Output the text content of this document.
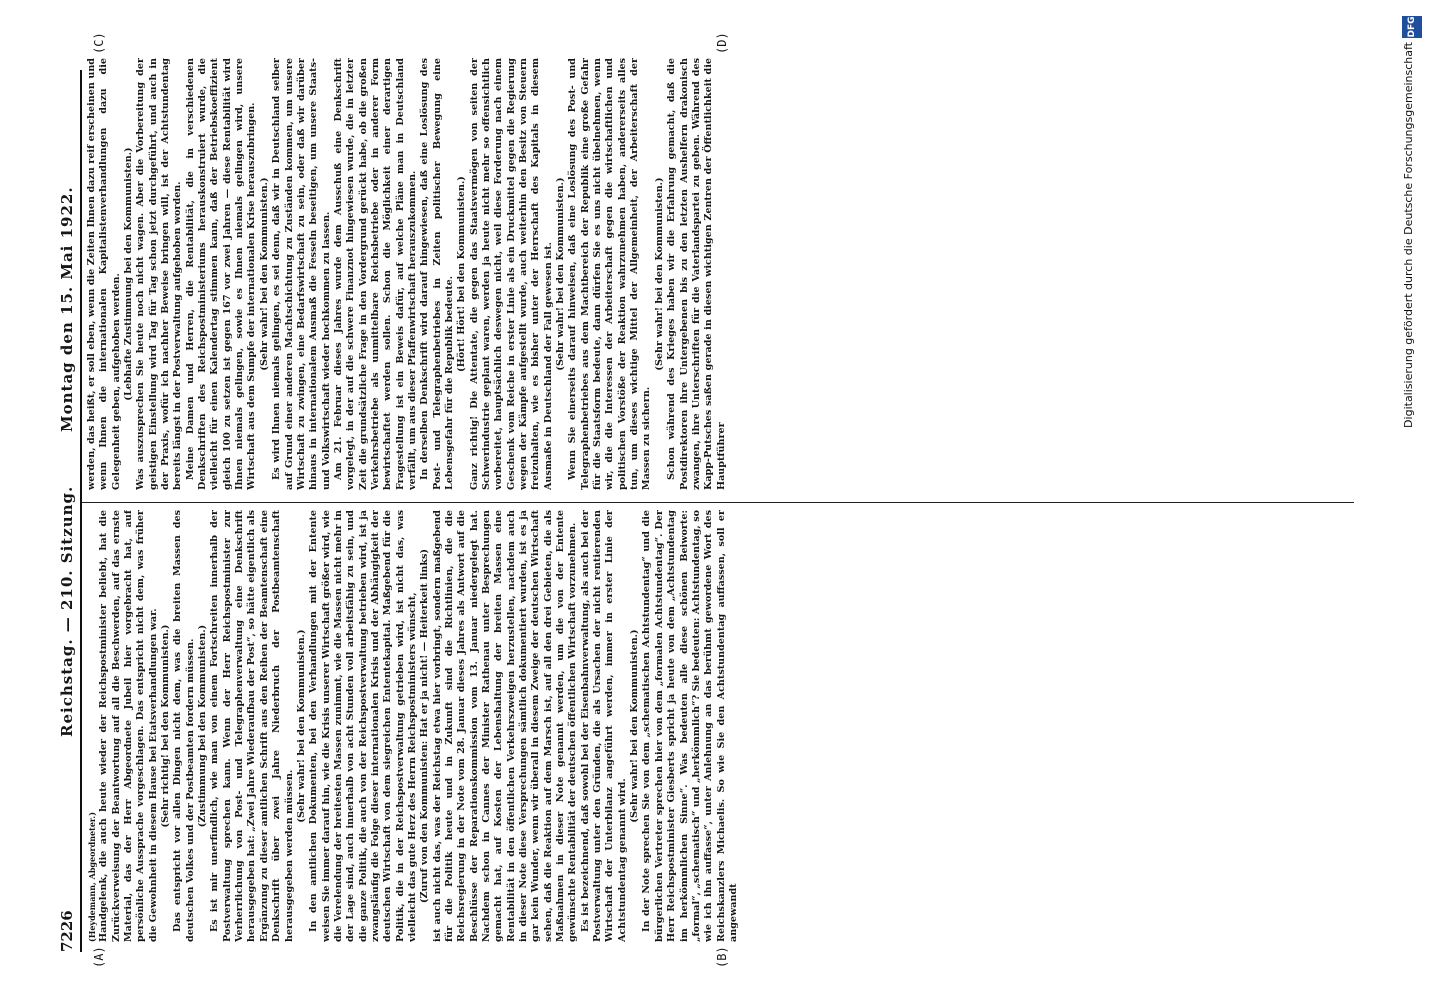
7226
Reichstag. — 210. Sitzung.
Montag den 15. Mai 1922.
(A)	(B)
(C)	(D)

(Heydemann, Abgeordneter.) Handgelenk, die auch heute wieder der Reichspostminister beliebt, hat die Zurückverweisung der Beantwortung auf all die Beschwerden, auf das ernste Material, das der Herr Abgeordnete Jubeil hier vorgebracht hat, auf persönliche Aussprache vorgeschlagen. Das entspricht nicht dem, was früher die Gewohnheit in diesem Hause bei Etatsverhandlungen war. (Sehr richtig! bei den Kommunisten.) Das entspricht vor allen Dingen nicht dem, was die breiten Massen des deutschen Volkes und der Postbeamten fordern müssen. (Zustimmung bei den Kommunisten.) Es ist mir unerfindlich, wie man von einem Fortschreiten innerhalb der Postverwaltung sprechen kann. Wenn der Herr Reichspostminister zur Verherrlichung von Post- und Telegraphenverwaltung eine Denkschrift herausgegeben hat: „Zwei Jahre Wiederaufbau der Post“, so hätte eigentlich als Ergänzung zu dieser amtlichen Schrift aus den Reihen der Beamtenschaft eine Denkschrift über zwei Jahre Niederbruch der Postbeamtenschaft herausgegeben werden müssen.

(Sehr wahr! bei den Kommunisten.) In den amtlichen Dokumenten, bei den Verhandlungen mit der Entente weisen Sie immer darauf hin, wie die Krisis unserer Wirtschaft größer wird, wie die Verelendung der breitesten Massen zunimmt, wie die Massen nicht mehr in der Lage sind, auch innerhalb von acht Stunden voll arbeitsfähig zu sein, und die ganze Politik, die auch von der Reichspostverwaltung betrieben wird, ist ja zwangsläufig die Folge dieser internationalen Krisis und der Abhängigkeit der deutschen Wirtschaft von dem siegreichen Ententekapital. Maßgebend für die Politik, die in der Reichspostverwaltung getrieben wird, ist nicht das, was vielleicht das gute Herz des Herrn Reichspostministers wünscht, (Zuruf von den Kommunisten: Hat er ja nicht! — Heiterkeit links) ist auch nicht das, was der Reichstag etwa hier vorbringt, sondern maßgebend für die Politik heute und in Zukunft sind die Richtlinien, die die Reichsregierung in der Note vom 28. Januar dieses Jahres als Antwort auf die Beschlüsse der Reparationskommission vom 13. Januar niedergelegt hat. Nachdem schon in Cannes der Minister Rathenau unter Besprechungen gemacht hat, auf Kosten der Lebenshaltung der breiten Massen eine Rentabilität in den öffentlichen Verkehrszweigen herzustellen, nachdem auch in dieser Note diese Versprechungen sämtlich dokumentiert wurden, ist es ja gar kein Wunder, wenn wir überall in diesem Zweige der deutschen Wirtschaft sehen, daß die Reaktion auf dem Marsch ist, auf all den drei Gebieten, die als Maßnahmen in dieser Note genannt werden, um die von der Entente gewünschte Rentabilität der deutschen öffentlichen Wirtschaft vorzunehmen. Es ist bezeichnend, daß sowohl bei der Eisenbahnverwaltung, als auch bei der Postverwaltung unter den Gründen, die als Ursachen der nicht rentierenden Wirtschaft der Unterbilanz angeführt werden, immer in erster Linie der Achtstundentag genannt wird.

(Sehr wahr! bei den Kommunisten.) In der Note sprechen Sie von dem „schematischen Achtstundentag“ und die bürgerlichen Vertreter sprechen hier von dem „formalen Achtstundentag“. Der Herr Reichspostminister Giesberts spricht ja heute von dem „Achtstundentag im herkömmlichen Sinne“. Was bedeuten alle diese schönen Beiworte: „formal“, „schematisch“ und „herkömmlich“? Sie bedeuten: Achtstundentag, so wie ich ihn auffasse“, unter Anlehnung an das berühmt gewordene Wort des Reichskanzlers Michaelis. So wie Sie den Achtstundentag auffassen, soll er angewandt

werden, das heißt, er soll eben, wenn die Zeiten Ihnen dazu reif erscheinen und wenn Ihnen die internationalen Kapitalistenverhandlungen dazu die Gelegenheit geben, aufgehoben werden. (Lebhafte Zustimmung bei den Kommunisten.) Was auszusprechen Sie heute noch nicht wagen. Aber die Vorbereitung der geistigen Einstellung wird Tag für Tag schon jetzt durchgeführt, und auch in der Praxis, wofür ich nachher Beweise bringen will, ist der Achtstundentag bereits längst in der Postverwaltung aufgehoben worden. Meine Damen und Herren, die Rentabilität, die in verschiedenen Denkschriften des Reichspostministeriums herauskonstruiert wurde, die vielleicht für einen Kalendertag stimmen kann, daß der Betriebskoeffizient gleich 100 zu setzen ist gegen 167 vor zwei Jahren — diese Rentabilität wird Ihnen niemals gelingen, sowie es Ihnen niemals gelingen wird, unsere Wirtschaft aus dem Sumpfe der internationalen Krise herauszubringen. (Sehr wahr! bei den Kommunisten.) Es wird Ihnen niemals gelingen, es sei denn, daß wir in Deutschland selber auf Grund einer anderen Machtschichtung zu Zuständen kommen, um unsere Wirtschaft zu zwingen, eine Bedarfswirtschaft zu sein, oder daß wir darüber hinaus in internationalem Ausmaß die Fesseln beseitigen, um unsere Staats- und Volkswirtschaft wieder hochkommen zu lassen. Am 21. Februar dieses Jahres wurde dem Ausschuß eine Denkschrift vorgelegt, in der auf die schwere Finanznot hingewiesen wurde, die in letzter Zeit die grundsätzliche Frage in den Vordergrund gerückt habe, ob die großen Verkehrsbetriebe als unmittelbare Reichsbetriebe oder in anderer Form bewirtschaftet werden sollen. Schon die Möglichkeit einer derartigen Fragestellung ist ein Beweis dafür, auf welche Pläne man in Deutschland verfällt, um aus dieser Pfaffenwirtschaft herauszukommen. In derselben Denkschrift wird darauf hingewiesen, daß eine Loslösung des Post- und Telegraphenbetriebes in Zeiten politischer Bewegung eine Lebensgefahr für die Republik bedeute.

(Hört! Hört! bei den Kommunisten.) Ganz richtig! Die Attentate, die gegen das Staatsvermögen von seiten der Schwerindustrie geplant waren, werden ja heute nicht mehr so offensichtlich vorbereitet, hauptsächlich deswegen nicht, weil diese Forderung nach einem Geschenk vom Reiche in erster Linie als ein Druckmittel gegen die Regierung wegen der Kämpfe aufgestellt wurde, auch weiterhin den Besitz von Steuern freizuhalten, wie es bisher unter der Herrschaft des Kapitals in diesem Ausmaße in Deutschland der Fall gewesen ist. (Sehr wahr! bei den Kommunisten.) Wenn Sie einerseits darauf hinweisen, daß eine Loslösung des Post- und Telegraphenbetriebes aus dem Machtbereich der Republik eine große Gefahr für die Staatsform bedeute, dann dürfen Sie es uns nicht übelnehmen, wenn wir, die die Interessen der Arbeiterschaft gegen die wirtschaftlichen und politischen Vorstöße der Reaktion wahrzunehmen haben, andererseits alles tun, um dieses wichtige Mittel der Allgemeinheit, der Arbeiterschaft der Massen zu sichern.

(Sehr wahr! bei den Kommunisten.) Schon während des Krieges haben wir die Erfahrung gemacht, daß die Postdirektoren ihre Untergebenen bis zu den letzten Aushelfern drakonisch zwangen, ihre Unterschriften für die Vaterlandspartei zu geben. Während des Kapp-Putsches saßen gerade in diesen wichtigen Zentren der Öffentlichkeit die Hauptführer

Digitalisierung gefördert durch die Deutsche Forschungsgemeinschaft
DFG
